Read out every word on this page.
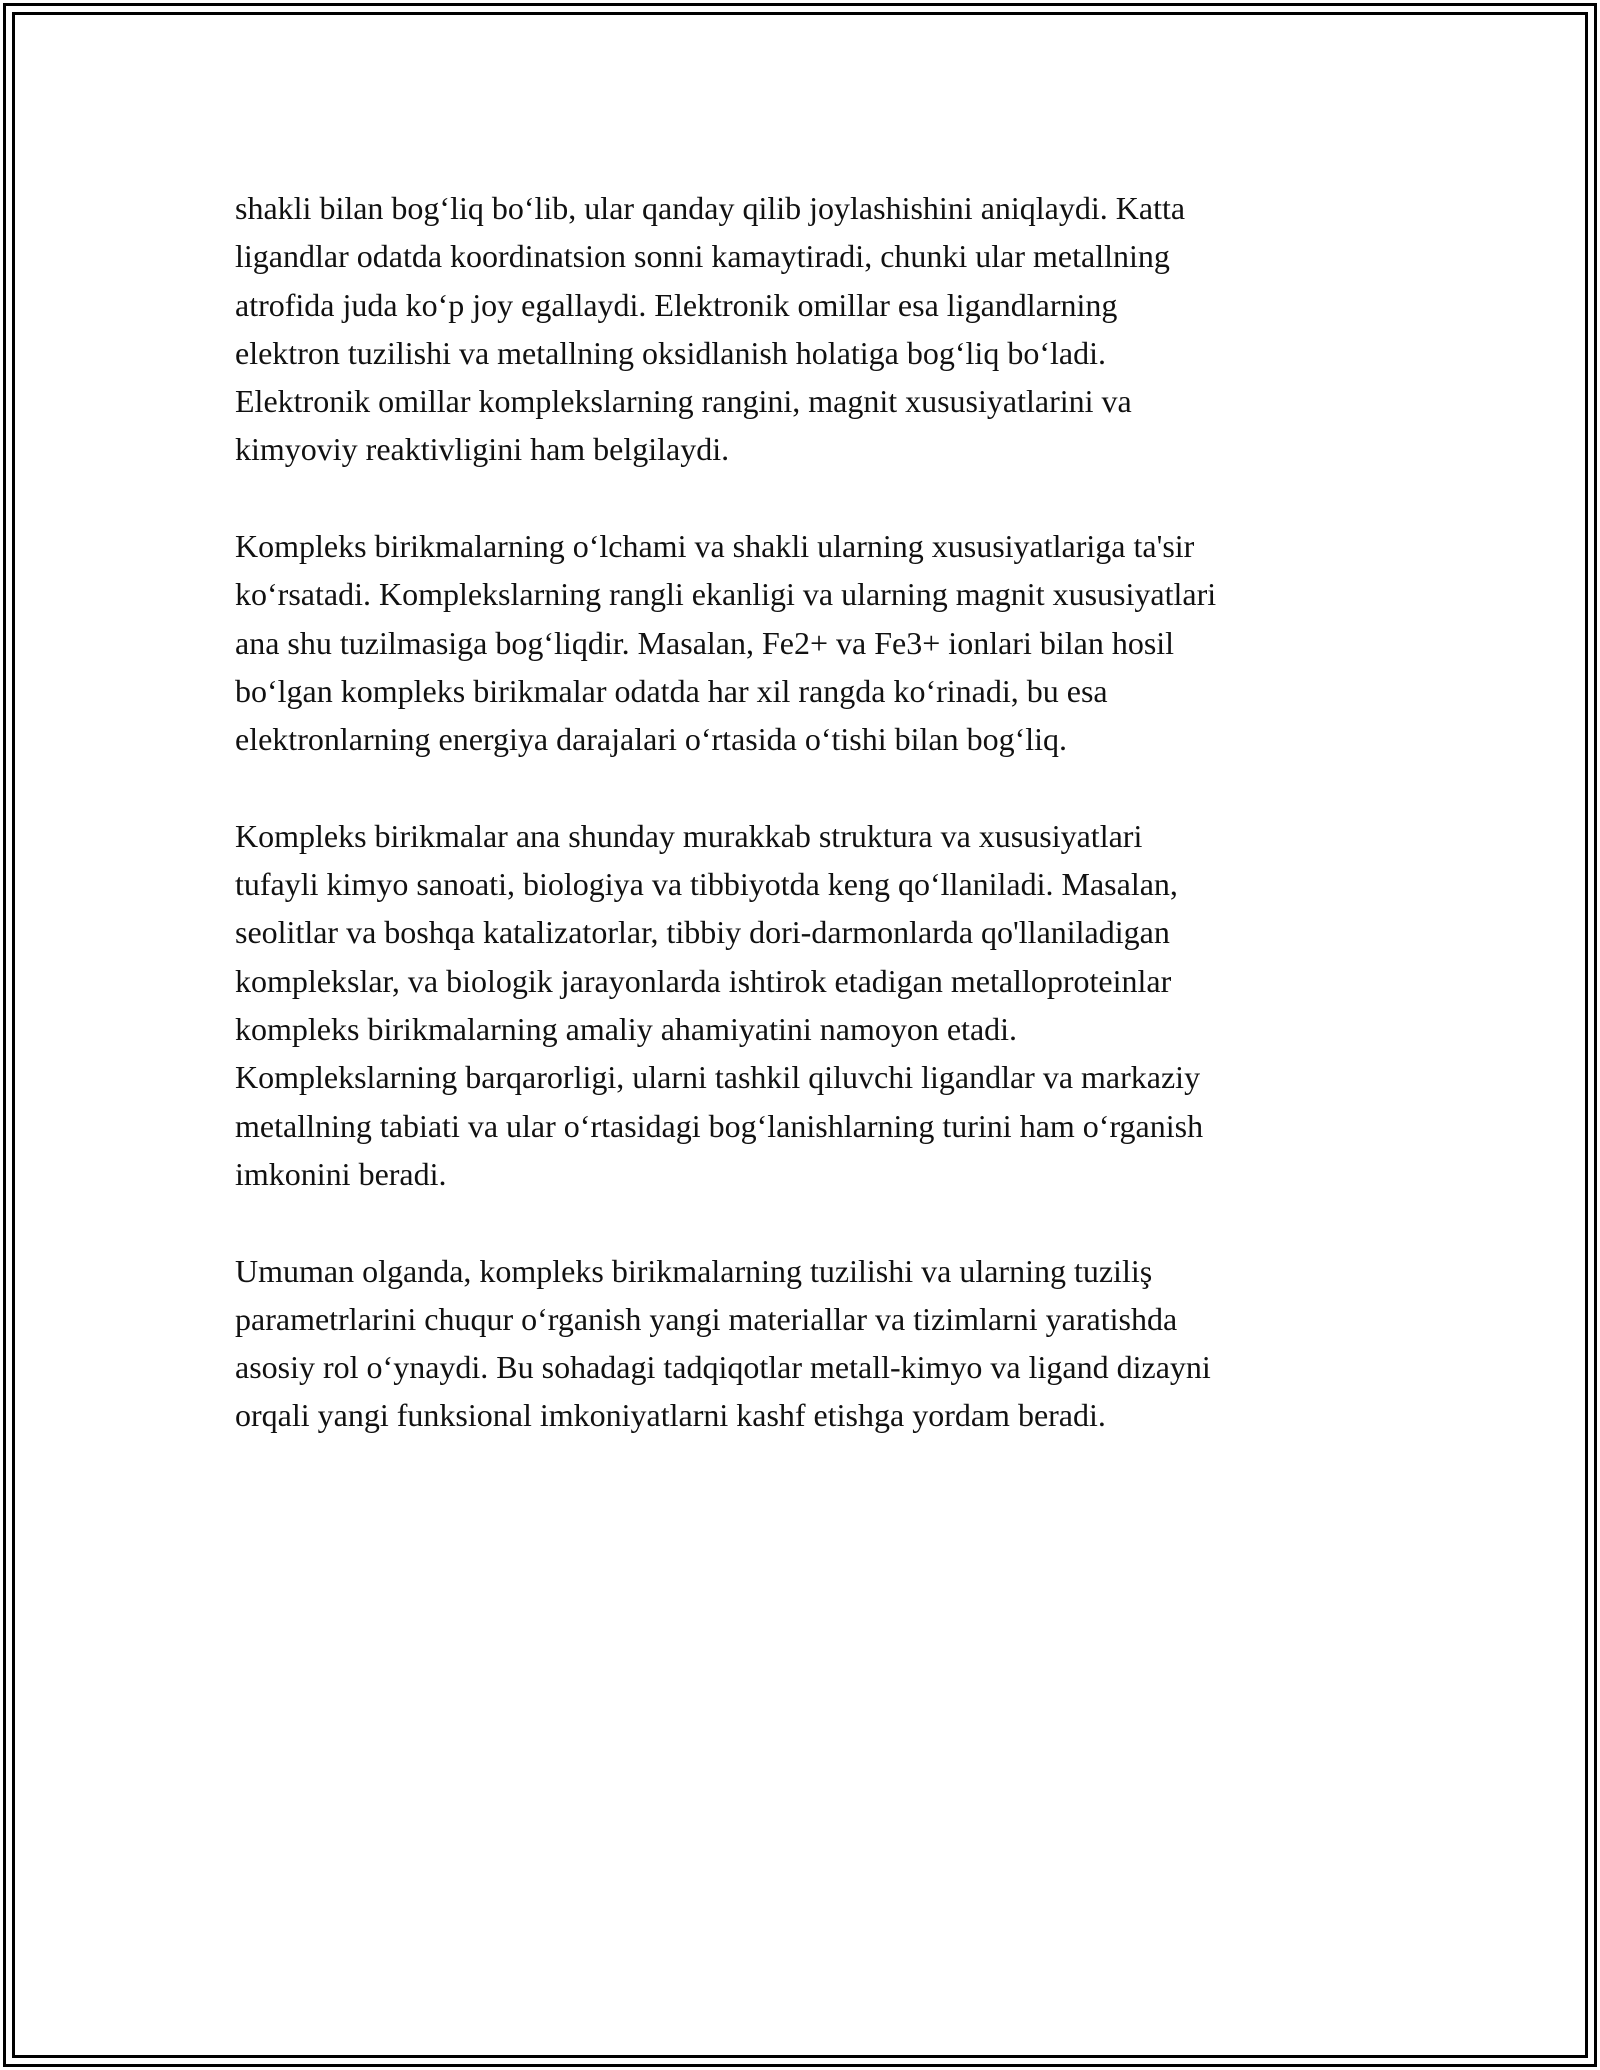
shakli bilan bog‘liq bo‘lib, ular qanday qilib joylashishini aniqlaydi. Katta
ligandlar odatda koordinatsion sonni kamaytiradi, chunki ular metallning
atrofida juda ko‘p joy egallaydi. Elektronik omillar esa ligandlarning
elektron tuzilishi va metallning oksidlanish holatiga bog‘liq bo‘ladi.
Elektronik omillar komplekslarning rangini, magnit xususiyatlarini va
kimyoviy reaktivligini ham belgilaydi.

Kompleks birikmalarning o‘lchami va shakli ularning xususiyatlariga ta'sir
ko‘rsatadi. Komplekslarning rangli ekanligi va ularning magnit xususiyatlari
ana shu tuzilmasiga bog‘liqdir. Masalan, Fe2+ va Fe3+ ionlari bilan hosil
bo‘lgan kompleks birikmalar odatda har xil rangda ko‘rinadi, bu esa
elektronlarning energiya darajalari o‘rtasida o‘tishi bilan bog‘liq.

Kompleks birikmalar ana shunday murakkab struktura va xususiyatlari
tufayli kimyo sanoati, biologiya va tibbiyotda keng qo‘llaniladi. Masalan,
seolitlar va boshqa katalizatorlar, tibbiy dori-darmonlarda qo'llaniladigan
komplekslar, va biologik jarayonlarda ishtirok etadigan metalloproteinlar
kompleks birikmalarning amaliy ahamiyatini namoyon etadi.
Komplekslarning barqarorligi, ularni tashkil qiluvchi ligandlar va markaziy
metallning tabiati va ular o‘rtasidagi bog‘lanishlarning turini ham o‘rganish
imkonini beradi.

Umuman olganda, kompleks birikmalarning tuzilishi va ularning tuziliş
parametrlarini chuqur o‘rganish yangi materiallar va tizimlarni yaratishda
asosiy rol o‘ynaydi. Bu sohadagi tadqiqotlar metall-kimyo va ligand dizayni
orqali yangi funksional imkoniyatlarni kashf etishga yordam beradi.
